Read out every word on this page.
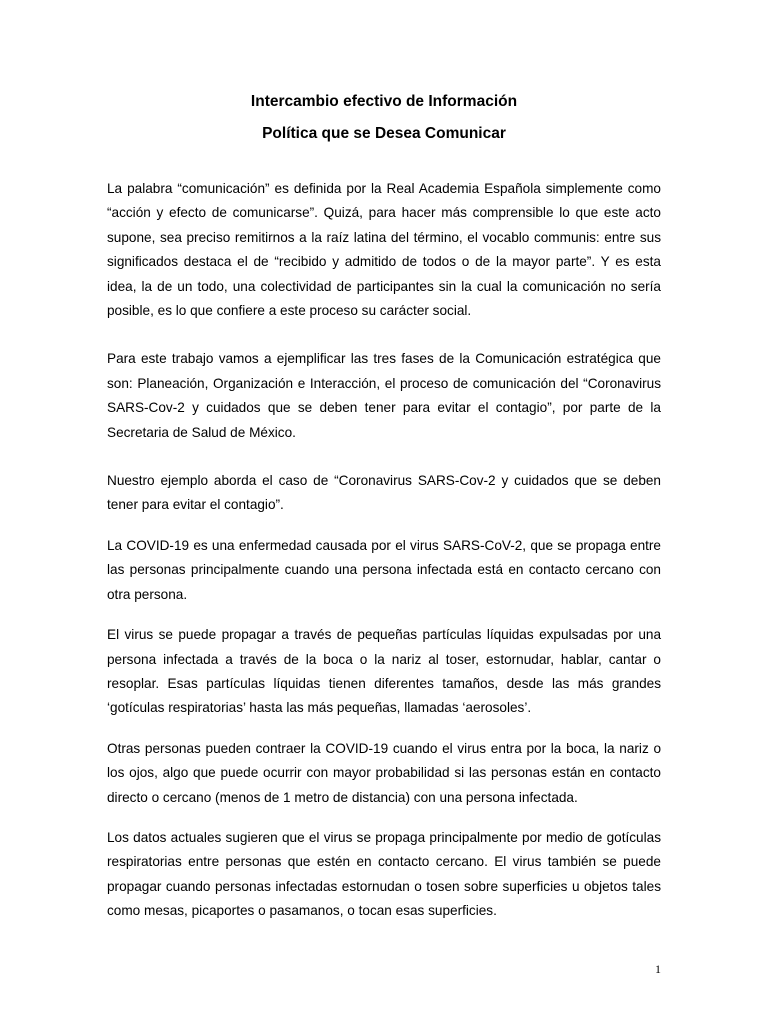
Intercambio efectivo de Información
Política que se Desea Comunicar

La palabra “comunicación” es definida por la Real Academia Española simplemente como “acción y efecto de comunicarse”. Quizá, para hacer más comprensible lo que este acto supone, sea preciso remitirnos a la raíz latina del término, el vocablo communis: entre sus significados destaca el de “recibido y admitido de todos o de la mayor parte”. Y es esta idea, la de un todo, una colectividad de participantes sin la cual la comunicación no sería posible, es lo que confiere a este proceso su carácter social.

Para este trabajo vamos a ejemplificar las tres fases de la Comunicación estratégica que son: Planeación, Organización e Interacción, el proceso de comunicación del “Coronavirus SARS-Cov-2 y cuidados que se deben tener para evitar el contagio”, por parte de la Secretaria de Salud de México.

Nuestro ejemplo aborda el caso de “Coronavirus SARS-Cov-2 y cuidados que se deben tener para evitar el contagio”.

La COVID-19 es una enfermedad causada por el virus SARS-CoV-2, que se propaga entre las personas principalmente cuando una persona infectada está en contacto cercano con otra persona.

El virus se puede propagar a través de pequeñas partículas líquidas expulsadas por una persona infectada a través de la boca o la nariz al toser, estornudar, hablar, cantar o resoplar. Esas partículas líquidas tienen diferentes tamaños, desde las más grandes ‘gotículas respiratorias’ hasta las más pequeñas, llamadas ‘aerosoles’.

Otras personas pueden contraer la COVID-19 cuando el virus entra por la boca, la nariz o los ojos, algo que puede ocurrir con mayor probabilidad si las personas están en contacto directo o cercano (menos de 1 metro de distancia) con una persona infectada.

Los datos actuales sugieren que el virus se propaga principalmente por medio de gotículas respiratorias entre personas que estén en contacto cercano. El virus también se puede propagar cuando personas infectadas estornudan o tosen sobre superficies u objetos tales como mesas, picaportes o pasamanos, o tocan esas superficies.

1
